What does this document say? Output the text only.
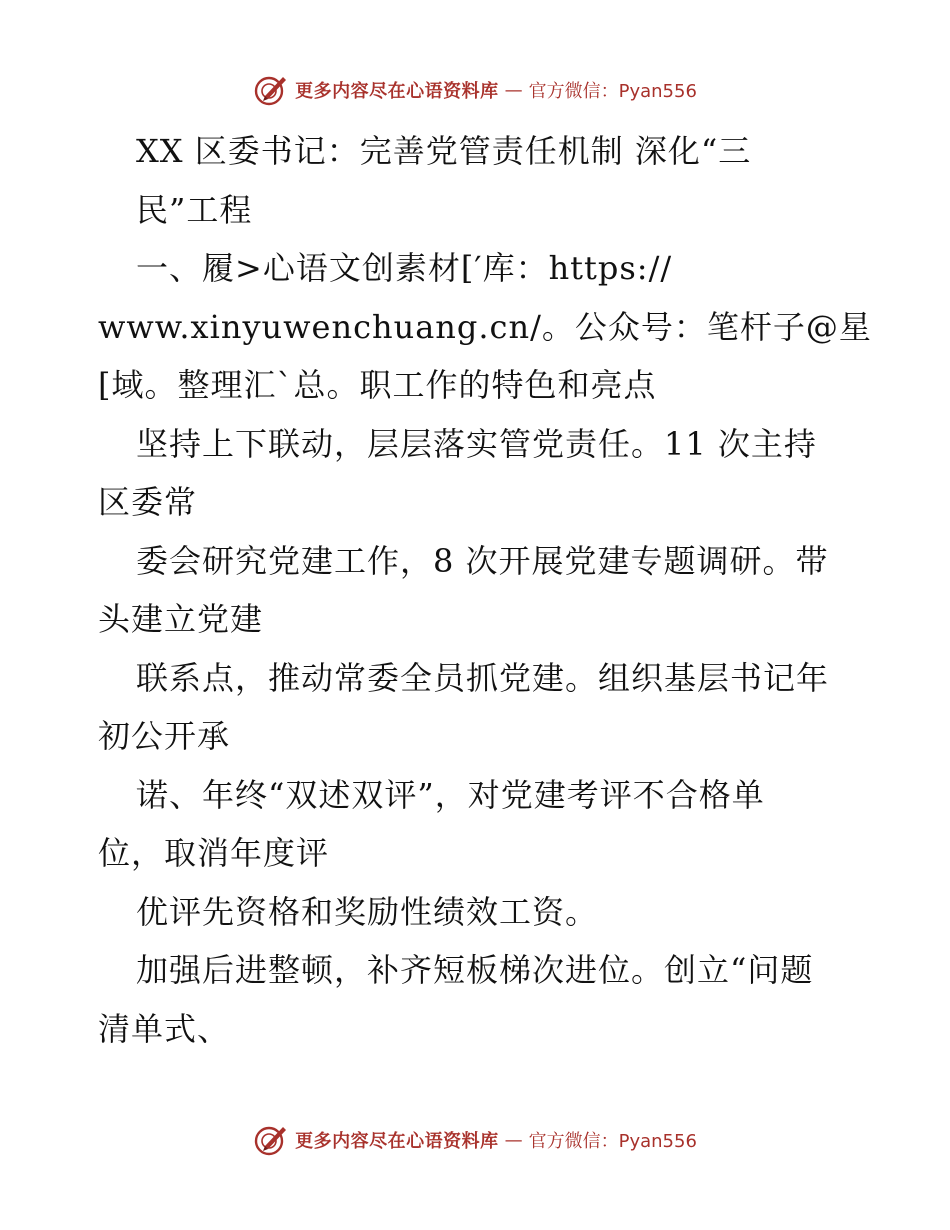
更多内容尽在心语资料库 — 官方微信：Pyan556
XX 区委书记：完善党管责任机制 深化“三
民”工程
一、履>心语文创素材[′库：https://
www.xinyuwenchuang.cn/。公众号：笔杆子@星
[域。整理汇`总。职工作的特色和亮点
坚持上下联动，层层落实管党责任。11 次主持
区委常
委会研究党建工作，8 次开展党建专题调研。带
头建立党建
联系点，推动常委全员抓党建。组织基层书记年
初公开承
诺、年终“双述双评”，对党建考评不合格单
位，取消年度评
优评先资格和奖励性绩效工资。
加强后进整顿，补齐短板梯次进位。创立“问题
清单式、
更多内容尽在心语资料库 — 官方微信：Pyan556
